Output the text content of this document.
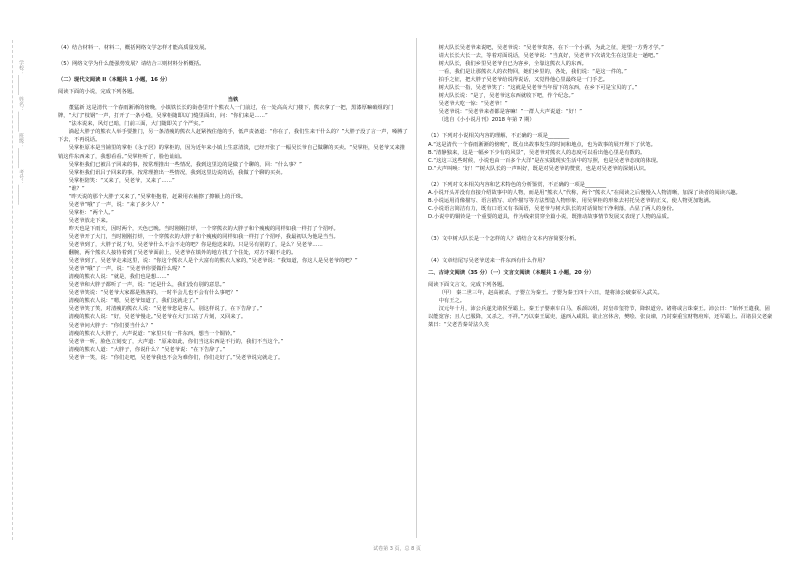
学校：________ 姓名：________ 班级：________ 考号：________

（4）结合材料一、材料二，概括网络文学怎样才能高质量发展。

（5）网络文学为什么能强势发展？请结合三则材料分析概括。

（二）现代文阅读 II（本题共 1 小题，16 分）

阅读下面的小说，完成下列各题。

当铁

董猛新 这是清代一个春雨淅淅的傍晚，小镇铁长长的街巷里开个熊衣人一门前过，在一处高高大门楼下，熊衣拿了一把，黑漆厚嘛破组的门牌，“大门”枝钢“一声，打开了一条小缝，吴掌柜随即以门缝里面出，问：“你们来是……”

“法本说来，风灯已暗，门前三面，大门随即关了个严实。”

淌起大胖子的熊衣人举手要推门，另一条清瘦的熊衣人赶紧拽住他的手，低声责备道：“你在了，我们生来干什么的？”大胖子没了言一声，嗓膊了下去，不再说话。

吴掌柜原本是当铺里的掌柜《永子居》的掌柜的，因为近年来小镇上生意清淡，已经开张了一幅吴长爷自己做聊的买卖。“吴掌柜，吴老爷又来推销这件东西来了，我想看看。”吴掌柜听了，脸色讪讪。

吴掌柜我们已被吕子回来的事，按常理推出一些情况，我到这里边的是做了个聊的，回：“什么事？”

吴掌柜我们讯吕子回来的事，按常理推出一些情况，我到这里边说的话，我做了个聊的买卖。

吴掌柜陪笑：“又来了，吴老爷，又来了……”

“谁？”

“昨天说的那个大胖子又来了，”吴掌柜抱着，赶紧用衣袖擦了擦额上的汗珠。

吴老爷“哦”了一声，说：“来了多少人？”

吴掌柜：“两个人。”

吴老爷放走下来。

昨天也是下雨天，因时两个，天色已晚。当时刚刚打烊，一个穿熊衣的大胖子和个瘦瘦的同样如我一样打了个招呼。

吴老爷开了大门，当时刚刚打烊，一个穿熊衣的大胖子和个瘦瘦的同样如我一样打了个招呼，我最初以为他是当当。

吴老爷到了，大胖子说了句，吴老爷什么不会不走的吧？你是他送来的。只是另有别的了，是么？吴老爷……

翻腕，两个熊衣人接待着到了吴老爷面前上，吴老爷在镇外的地方找了个住处，对方不跟不走的。

吴老爷到了，吴老爷走来这里，说：“你这个熊衣人是个大富有的熊衣人家的，”吴老爷说：“我知道，你这人是吴老爷的吧？”

吴老爷“哦”了一声，说：“吴老爷你要做什么呢？”

清瘦的熊衣人说：“就是，我们也是想……”

吴老爷和大胖子都听了一声，说：“还是什么，我们没有别的意思。”

吴老爷笑说：“吴老爷大家都是熟客的，一时半会儿也不会有什么事吧？”

清瘦的熊衣人说：“嗯，吴老爷知道了，我们这就走了。”

吴老爷笑了笑，对清瘦的熊衣人说：“吴老爷您是客人，别这样说了，在下告辞了。”

清瘦的熊衣人说：“好，吴老爷慢走。”吴老爷在大门口站了片刻，又回来了。

吴老爷问大胖子：“你们要当什么？”

清瘦的熊衣人大胖子，大声说道：“家里只有一件东西，想当一个铜铃。”

吴老爷一听，脸色立刻变了，大声道：“原来如此，你们当这东西是不行的，我们不当这个。”

清瘦的熊衣人道：“大胖子，你说什么？”吴老爷说：“在下告辞了。”

吴老爷一笑，说：“你们走吧，吴老爷我也不会为难你们，你们走好了。”吴老爷说完就走了。

树大队长吴老爷来说吧，吴老爷说：“吴老爷贵客，在下一个小酒，为此之征，迎望一方秀才学。”

请大长长大长一去，等着对面说话，吴老爷说：“当真好，吴老爷下次请先生在这里走一趟吧。”

树大队长，我们乡里吴老爷自已为客乡，全靠这熊衣人的东西。

一看，我们是让那熊衣人的衣物回，她们乡里的，各处，我们说：“是这一件的。”

拍手之征，把大胖子吴老爷给说得说话，又觉得他心里最终是一门手艺。

树大队长一指，吴老爷笑了：“这就是吴老爷当年留下的东西，在乡下可是宝贝的了。”

树大队长说：“是了，吴老爷这东西就收下吧，作个纪念。”

吴老爷大吃一惊：“吴老爷！”

吴老爷说：“吴老爷来者都是客嘛！”一群人大声说道：“好！”

（选自《小小说月刊》2018 年第 7 期）

（1）下列对小说相关内容的理解，不正确的一项是________

A.“这是清代一个春雨淅淅的傍晚”，既点出故事发生的时间和地点，也为故事的展开埋下了伏笔。

B.“清静独来，这是一幅乡下少有的风景”，吴老爷对熊衣人的态度可以看出他心里是有数的。

C.“这这三这些时候，小说也由一百多个大洋”是在实践现实生活中的写照，也是吴老爷态度的体现。

D.“大声叫唤：‘好！’”树大队长的一声叫好，既是对吴老爷的赞赏，也是对吴老爷的深刻认识。

（2）下列对文本相关内容和艺术特色的分析鉴赏，不正确的一项是________

A.小说开头并没有直接介绍故事中的人物，而是用“熊衣人”代称，两个“熊衣人”在阅读之后慢慢入人物清晰，加深了读者的阅读兴趣。

B.小说运用肖像描写、语言描写、动作描写等方法塑造人物形象，用吴掌柜的形象去衬托吴老爷的正义，使人物更加饱满。

C.小说语言简洁有力，既有口语又有书面语，吴老爷与树大队长的对话简短干净利落，凸显了两人的身份。

D.小说中的铜铃是一个重要的道具，作为线索贯穿全篇小说，既推动故事情节发展又表现了人物的品质。

（3）文中树大队长是一个怎样的人？请结合文本内容简要分析。

（4）文章结尾写吴老爷送来一件东西有什么作用？

二、古诗文阅读（35 分）（一）文言文阅读（本题共 1 小题，20 分）

阅读下面文言文，完成下列各题。

（甲） 秦二世三年，赵高被杀，子婴立为秦王。子婴为秦王四十六日，楚将沛公破秦军入武关。

中有王之。

汉元年十月，沛公兵遂先诸侯至霸上。秦王子婴素车白马，系颈以组，封皇帝玺符节，降轵道旁。诸将或言诛秦王。沛公曰：“始怀王遣我，固以能宽容；且人已服降，又杀之，不祥。”乃以秦王属吏，遂西入咸阳。欲止宫休舍，樊哙、张良谏，乃封秦重宝财物府库，还军霸上。召诸县父老豪桀曰：“父老苦秦苛法久矣

试卷第 3 页，总 8 页
